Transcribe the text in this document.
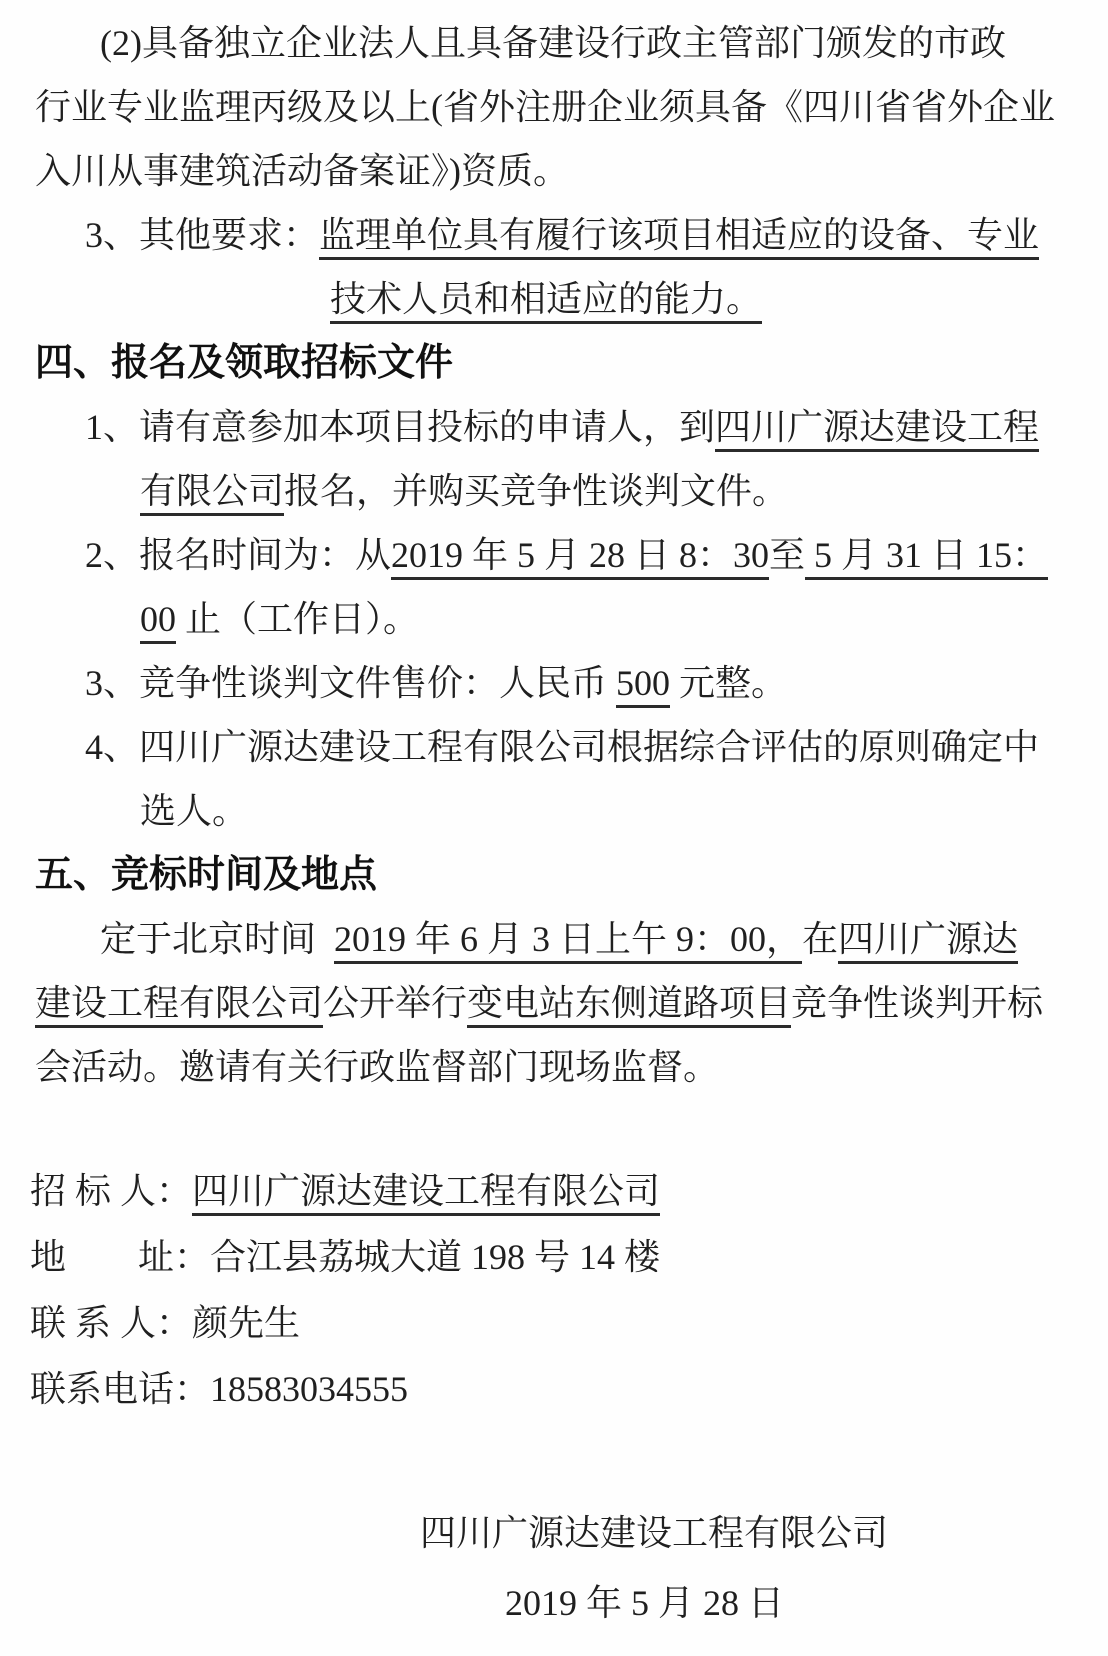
(2)具备独立企业法人且具备建设行政主管部门颁发的市政
行业专业监理丙级及以上(省外注册企业须具备《四川省省外企业
入川从事建筑活动备案证》)资质。
3、其他要求：监理单位具有履行该项目相适应的设备、专业
技术人员和相适应的能力。
四、报名及领取招标文件
1、请有意参加本项目投标的申请人，到四川广源达建设工程
有限公司报名，并购买竞争性谈判文件。
2、报名时间为：从2019 年 5 月 28 日 8：30至 5 月 31 日 15：
00 止（工作日）。
3、竞争性谈判文件售价：人民币 500 元整。
4、四川广源达建设工程有限公司根据综合评估的原则确定中
选人。
五、竞标时间及地点
定于北京时间  2019 年 6 月 3 日上午 9：00，在四川广源达
建设工程有限公司公开举行变电站东侧道路项目竞争性谈判开标
会活动。邀请有关行政监督部门现场监督。
招 标 人：四川广源达建设工程有限公司
地　　址：合江县荔城大道 198 号 14 楼
联 系 人：颜先生
联系电话：18583034555
四川广源达建设工程有限公司
2019 年 5 月 28 日
